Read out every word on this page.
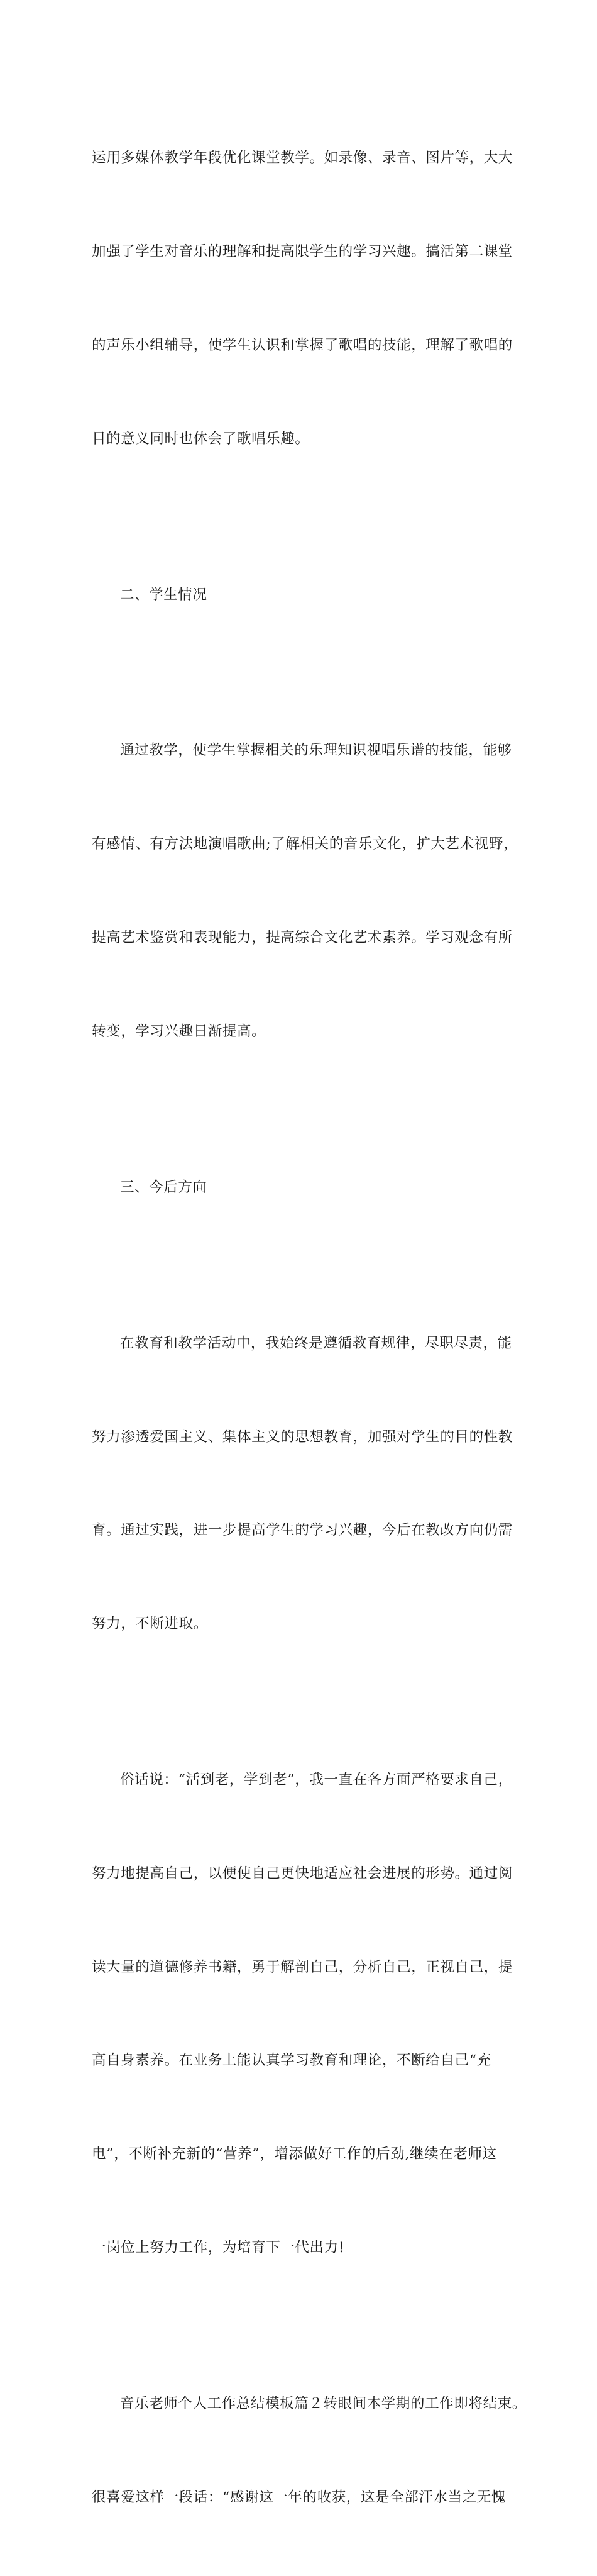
运用多媒体教学年段优化课堂教学。如录像、录音、图片等，大大

加强了学生对音乐的理解和提高限学生的学习兴趣。搞活第二课堂

的声乐小组辅导，使学生认识和掌握了歌唱的技能，理解了歌唱的

目的意义同时也体会了歌唱乐趣。

二、学生情况

通过教学，使学生掌握相关的乐理知识视唱乐谱的技能，能够

有感情、有方法地演唱歌曲;了解相关的音乐文化，扩大艺术视野，

提高艺术鉴赏和表现能力，提高综合文化艺术素养。学习观念有所

转变，学习兴趣日渐提高。

三、今后方向

在教育和教学活动中，我始终是遵循教育规律，尽职尽责，能

努力渗透爱国主义、集体主义的思想教育，加强对学生的目的性教

育。通过实践，进一步提高学生的学习兴趣，今后在教改方向仍需

努力，不断进取。

俗话说：“活到老，学到老”，我一直在各方面严格要求自己，

努力地提高自己，以便使自己更快地适应社会进展的形势。通过阅

读大量的道德修养书籍，勇于解剖自己，分析自己，正视自己，提

高自身素养。在业务上能认真学习教育和理论，不断给自己“充

电”，不断补充新的“营养”，增添做好工作的后劲,继续在老师这

一岗位上努力工作，为培育下一代出力!

音乐老师个人工作总结模板篇２转眼间本学期的工作即将结束。

很喜爱这样一段话：“感谢这一年的收获，这是全部汗水当之无愧
